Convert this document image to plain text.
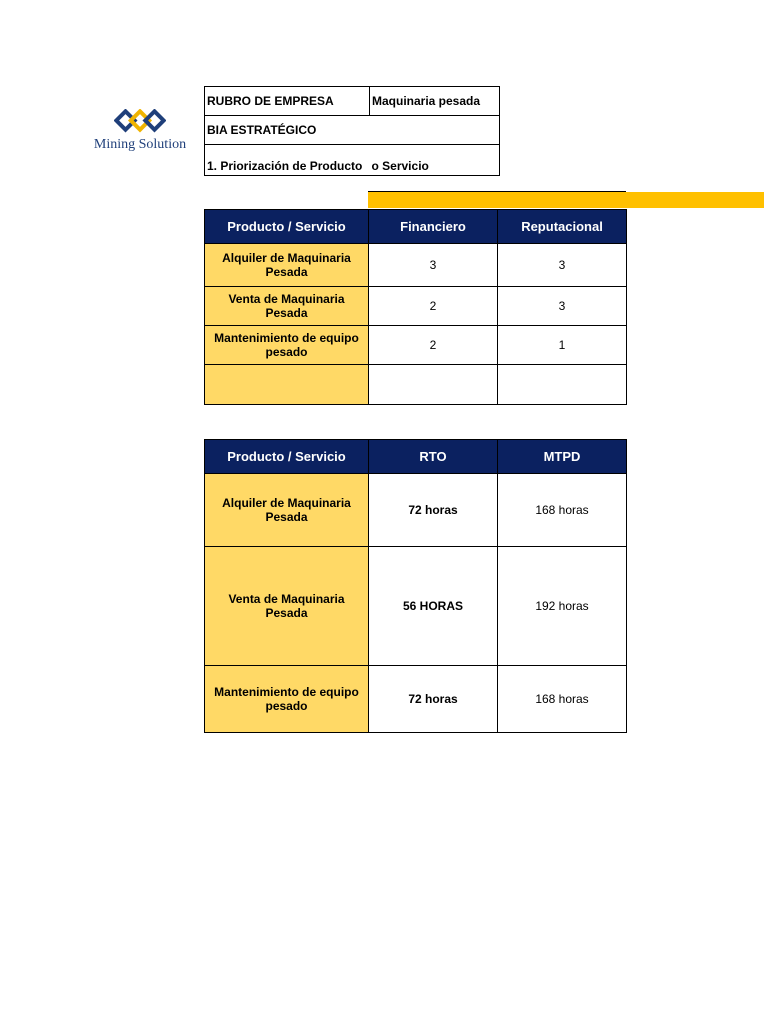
Mining Solution
RUBRO DE EMPRESA	Maquinaria pesada
BIA ESTRATÉGICO	
1. Priorización de Producto	o Servicio
Producto / Servicio	Financiero	Reputacional
Alquiler de Maquinaria Pesada	3	3
Venta de Maquinaria Pesada	2	3
Mantenimiento de equipo pesado	2	1

Producto / Servicio	RTO	MTPD
Alquiler de Maquinaria Pesada	72 horas	168 horas
Venta de Maquinaria Pesada	56 HORAS	192 horas
Mantenimiento de equipo pesado	72 horas	168 horas
